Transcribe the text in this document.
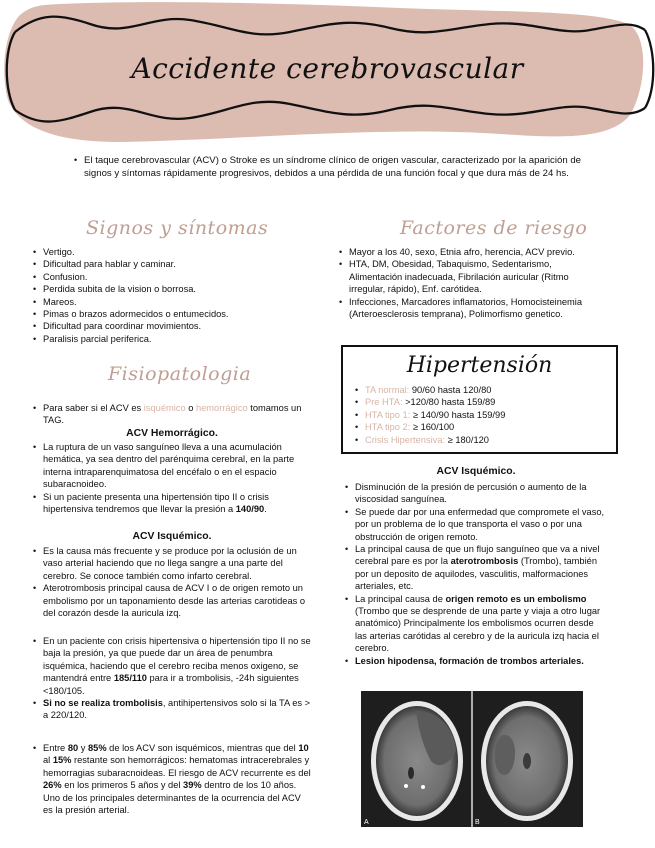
Accidente cerebrovascular
• El taque cerebrovascular (ACV) o Stroke es un síndrome clínico de origen vascular, caracterizado por la aparición de signos y síntomas rápidamente progresivos, debidos a una pérdida de una función focal y que dura más de 24 hs.
Signos y síntomas
• Vertigo.
• Dificultad para hablar y caminar.
• Confusion.
• Perdida subita de la vision o borrosa.
• Mareos.
• Pimas o brazos adormecidos o entumecidos.
• Dificultad para coordinar movimientos.
• Paralisis parcial periferica.
Factores de riesgo
• Mayor a los 40, sexo, Etnia afro, herencia, ACV previo.
• HTA, DM, Obesidad, Tabaquismo, Sedentarismo, Alimentación inadecuada, Fibrilación auricular (Ritmo irregular, rápido), Enf. carótidea.
• Infecciones, Marcadores inflamatorios, Homocisteinemia (Arteroesclerosis temprana), Polimorfismo genetico.
Hipertensión
• TA normal: 90/60 hasta 120/80
• Pre HTA: >120/80 hasta 159/89
• HTA tipo 1: ≥ 140/90 hasta 159/99
• HTA tipo 2: ≥ 160/100
• Crisis Hipertensiva: ≥ 180/120
Fisiopatologia
• Para saber si el ACV es isquémico o hemorrágico tomamos un TAG.
ACV Hemorrágico.
• La ruptura de un vaso sanguíneo lleva a una acumulación hemática, ya sea dentro del parénquima cerebral, en la parte interna intraparenquimatosa del encéfalo o en el espacio subaracnoideo.
• Si un paciente presenta una hipertensión tipo II o crisis hipertensiva tendremos que llevar la presión a 140/90.
ACV Isquémico.
• Es la causa más frecuente y se produce por la oclusión de un vaso arterial haciendo que no llega sangre a una parte del cerebro. Se conoce también como infarto cerebral.
• Aterotrombosis principal causa de ACV I o de origen remoto un embolismo por un taponamiento desde las arterias carotideas o del corazón desde la auricula izq.
• En un paciente con crisis hipertensiva o hipertensión tipo II no se baja la presión, ya que puede dar un área de penumbra isquémica, haciendo que el cerebro reciba menos oxigeno, se mantendrá entre 185/110 para ir a trombolisis, -24h siguientes <180/105.
• Si no se realiza trombolisis, antihipertensivos solo si la TA es > a 220/120.
• Entre 80 y 85% de los ACV son isquémicos, mientras que del 10 al 15% restante son hemorrágicos: hematomas intracerebrales y hemorragias subaracnoideas. El riesgo de ACV recurrente es del 26% en los primeros 5 años y del 39% dentro de los 10 años. Uno de los principales determinantes de la ocurrencia del ACV es la presión arterial.
ACV Isquémico.
• Disminución de la presión de percusión o aumento de la viscosidad sanguínea.
• Se puede dar por una enfermedad que compromete el vaso, por un problema de lo que transporta el vaso o por una obstrucción de origen remoto.
• La principal causa de que un flujo sanguíneo que va a nivel cerebral pare es por la aterotrombosis (Trombo), también por un deposito de aquilodes, vasculitis, malformaciones arteriales, etc.
• La principal causa de origen remoto es un embolismo (Trombo que se desprende de una parte y viaja a otro lugar anatómico) Principalmente los embolismos ocurren desde las arterias carótidas al cerebro y de la auricula izq hacia el cerebro.
• Lesion hipodensa, formación de trombos arteriales.
A	B
